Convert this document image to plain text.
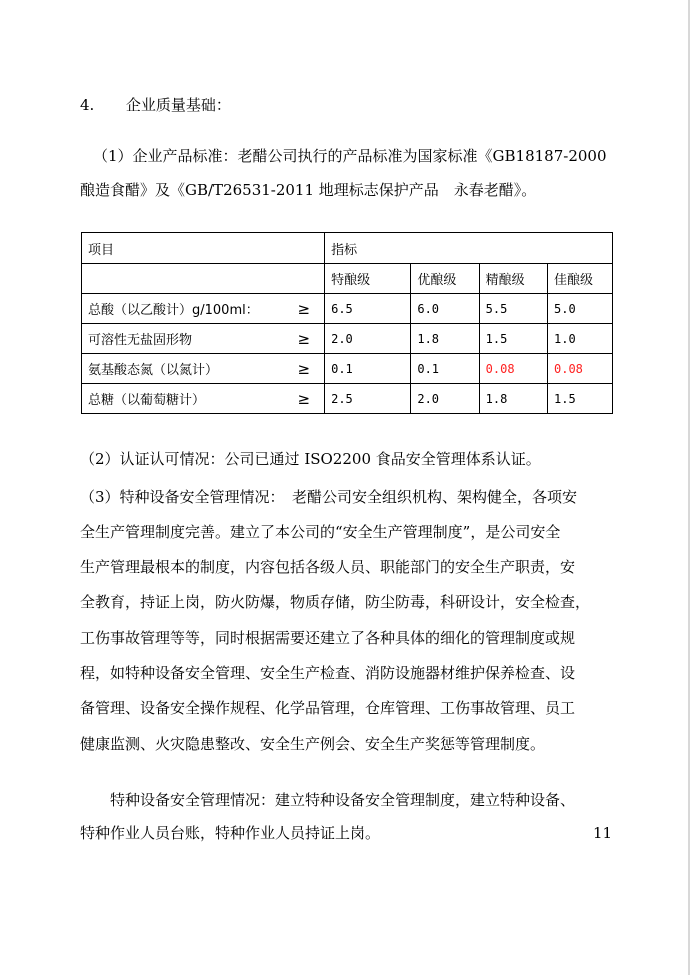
4. 企业质量基础：
（1）企业产品标准：老醋公司执行的产品标准为国家标准《GB18187-2000
酿造食醋》及《GB/T26531-2011 地理标志保护产品　永春老醋》。
项目	指标			
	特酿级	优酿级	精酿级	佳酿级
总酸（以乙酸计）g/100ml： ≥	6.5	6.0	5.5	5.0
可溶性无盐固形物 ≥	2.0	1.8	1.5	1.0
氨基酸态氮（以氮计） ≥	0.1	0.1	0.08	0.08
总糖（以葡萄糖计） ≥	2.5	2.0	1.8	1.5
（2）认证认可情况：公司已通过 ISO2200 食品安全管理体系认证。
（3）特种设备安全管理情况：　老醋公司安全组织机构、架构健全，各项安
全生产管理制度完善。建立了本公司的“安全生产管理制度”，是公司安全
生产管理最根本的制度，内容包括各级人员、职能部门的安全生产职责，安
全教育，持证上岗，防火防爆，物质存储，防尘防毒，科研设计，安全检查，
工伤事故管理等等，同时根据需要还建立了各种具体的细化的管理制度或规
程，如特种设备安全管理、安全生产检查、消防设施器材维护保养检查、设
备管理、设备安全操作规程、化学品管理，仓库管理、工伤事故管理、员工
健康监测、火灾隐患整改、安全生产例会、安全生产奖惩等管理制度。
特种设备安全管理情况：建立特种设备安全管理制度，建立特种设备、
特种作业人员台账，特种作业人员持证上岗。	11
